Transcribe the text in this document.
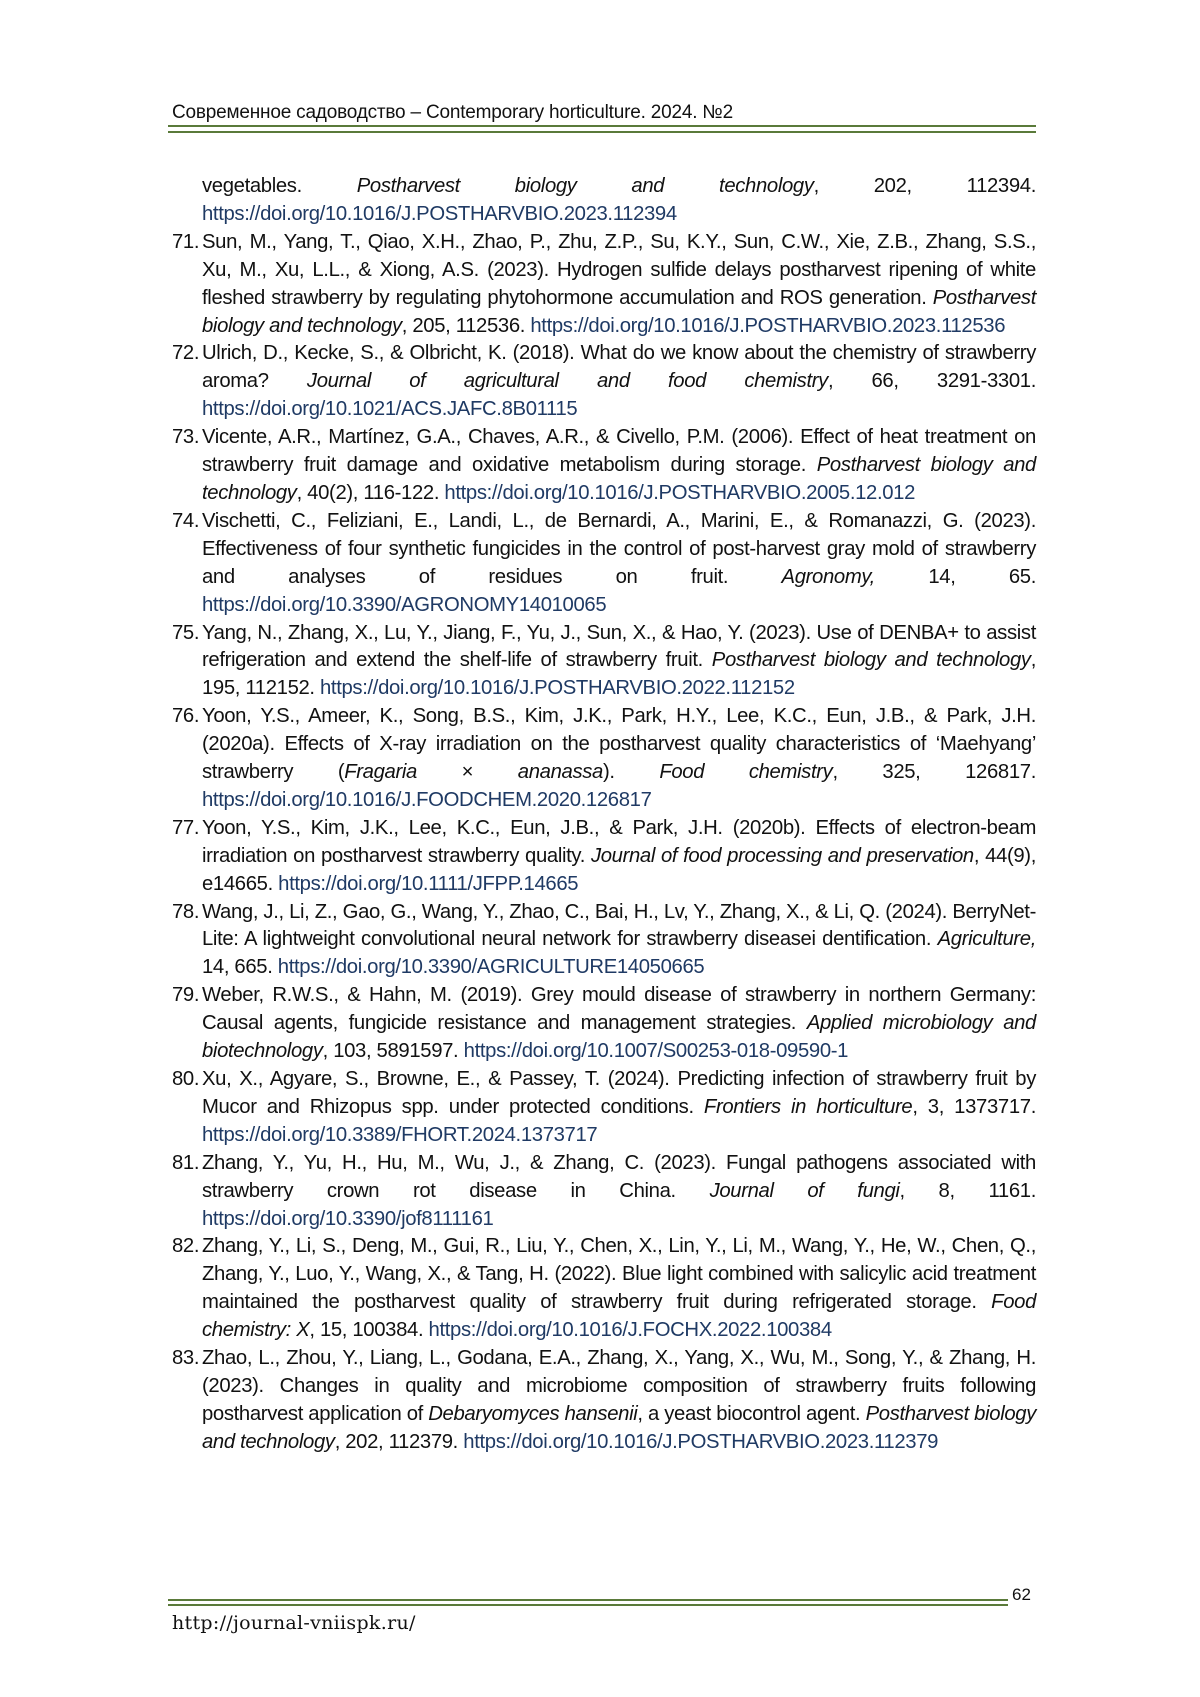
Современное садоводство – Contemporary horticulture. 2024. №2
vegetables. Postharvest biology and technology, 202, 112394. https://doi.org/10.1016/J.POSTHARVBIO.2023.112394
71. Sun, M., Yang, T., Qiao, X.H., Zhao, P., Zhu, Z.P., Su, K.Y., Sun, C.W., Xie, Z.B., Zhang, S.S., Xu, M., Xu, L.L., & Xiong, A.S. (2023). Hydrogen sulfide delays postharvest ripening of white fleshed strawberry by regulating phytohormone accumulation and ROS generation. Postharvest biology and technology, 205, 112536. https://doi.org/10.1016/J.POSTHARVBIO.2023.112536
72. Ulrich, D., Kecke, S., & Olbricht, K. (2018). What do we know about the chemistry of strawberry aroma? Journal of agricultural and food chemistry, 66, 3291-3301. https://doi.org/10.1021/ACS.JAFC.8B01115
73. Vicente, A.R., Martínez, G.A., Chaves, A.R., & Civello, P.M. (2006). Effect of heat treatment on strawberry fruit damage and oxidative metabolism during storage. Postharvest biology and technology, 40(2), 116-122. https://doi.org/10.1016/J.POSTHARVBIO.2005.12.012
74. Vischetti, C., Feliziani, E., Landi, L., de Bernardi, A., Marini, E., & Romanazzi, G. (2023). Effectiveness of four synthetic fungicides in the control of post-harvest gray mold of strawberry and analyses of residues on fruit. Agronomy, 14, 65. https://doi.org/10.3390/AGRONOMY14010065
75. Yang, N., Zhang, X., Lu, Y., Jiang, F., Yu, J., Sun, X., & Hao, Y. (2023). Use of DENBA+ to assist refrigeration and extend the shelf-life of strawberry fruit. Postharvest biology and technology, 195, 112152. https://doi.org/10.1016/J.POSTHARVBIO.2022.112152
76. Yoon, Y.S., Ameer, K., Song, B.S., Kim, J.K., Park, H.Y., Lee, K.C., Eun, J.B., & Park, J.H. (2020a). Effects of X-ray irradiation on the postharvest quality characteristics of ‘Maehyang’ strawberry (Fragaria × ananassa). Food chemistry, 325, 126817. https://doi.org/10.1016/J.FOODCHEM.2020.126817
77. Yoon, Y.S., Kim, J.K., Lee, K.C., Eun, J.B., & Park, J.H. (2020b). Effects of electron-beam irradiation on postharvest strawberry quality. Journal of food processing and preservation, 44(9), e14665. https://doi.org/10.1111/JFPP.14665
78. Wang, J., Li, Z., Gao, G., Wang, Y., Zhao, C., Bai, H., Lv, Y., Zhang, X., & Li, Q. (2024). BerryNet-Lite: A lightweight convolutional neural network for strawberry diseasei dentification. Agriculture, 14, 665. https://doi.org/10.3390/AGRICULTURE14050665
79. Weber, R.W.S., & Hahn, M. (2019). Grey mould disease of strawberry in northern Germany: Causal agents, fungicide resistance and management strategies. Applied microbiology and biotechnology, 103, 5891597. https://doi.org/10.1007/S00253-018-09590-1
80. Xu, X., Agyare, S., Browne, E., & Passey, T. (2024). Predicting infection of strawberry fruit by Mucor and Rhizopus spp. under protected conditions. Frontiers in horticulture, 3, 1373717. https://doi.org/10.3389/FHORT.2024.1373717
81. Zhang, Y., Yu, H., Hu, M., Wu, J., & Zhang, C. (2023). Fungal pathogens associated with strawberry crown rot disease in China. Journal of fungi, 8, 1161. https://doi.org/10.3390/jof8111161
82. Zhang, Y., Li, S., Deng, M., Gui, R., Liu, Y., Chen, X., Lin, Y., Li, M., Wang, Y., He, W., Chen, Q., Zhang, Y., Luo, Y., Wang, X., & Tang, H. (2022). Blue light combined with salicylic acid treatment maintained the postharvest quality of strawberry fruit during refrigerated storage. Food chemistry: X, 15, 100384. https://doi.org/10.1016/J.FOCHX.2022.100384
83. Zhao, L., Zhou, Y., Liang, L., Godana, E.A., Zhang, X., Yang, X., Wu, M., Song, Y., & Zhang, H. (2023). Changes in quality and microbiome composition of strawberry fruits following postharvest application of Debaryomyces hansenii, a yeast biocontrol agent. Postharvest biology and technology, 202, 112379. https://doi.org/10.1016/J.POSTHARVBIO.2023.112379
62
http://journal-vniispk.ru/
